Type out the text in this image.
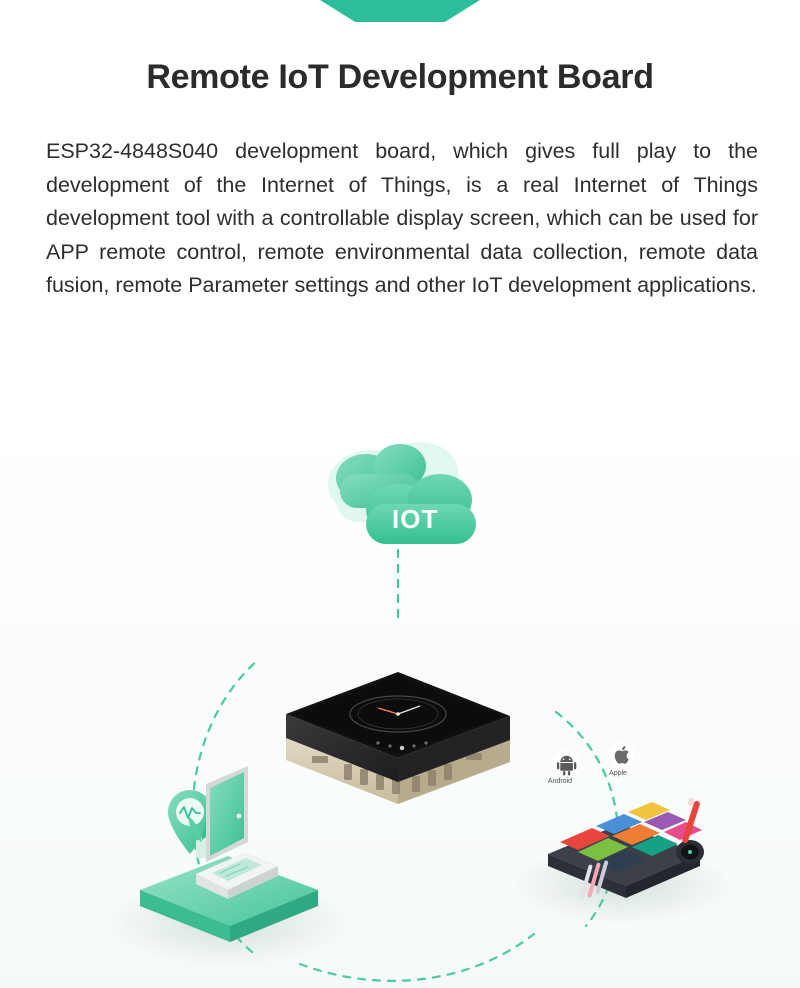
Remote IoT Development Board

ESP32-4848S040 development board, which gives full play to the development of the Internet of Things, is a real Internet of Things development tool with a controllable display screen, which can be used for APP remote control, remote environmental data collection, remote data fusion, remote Parameter settings and other IoT development applications.

Android
Apple
IOT
